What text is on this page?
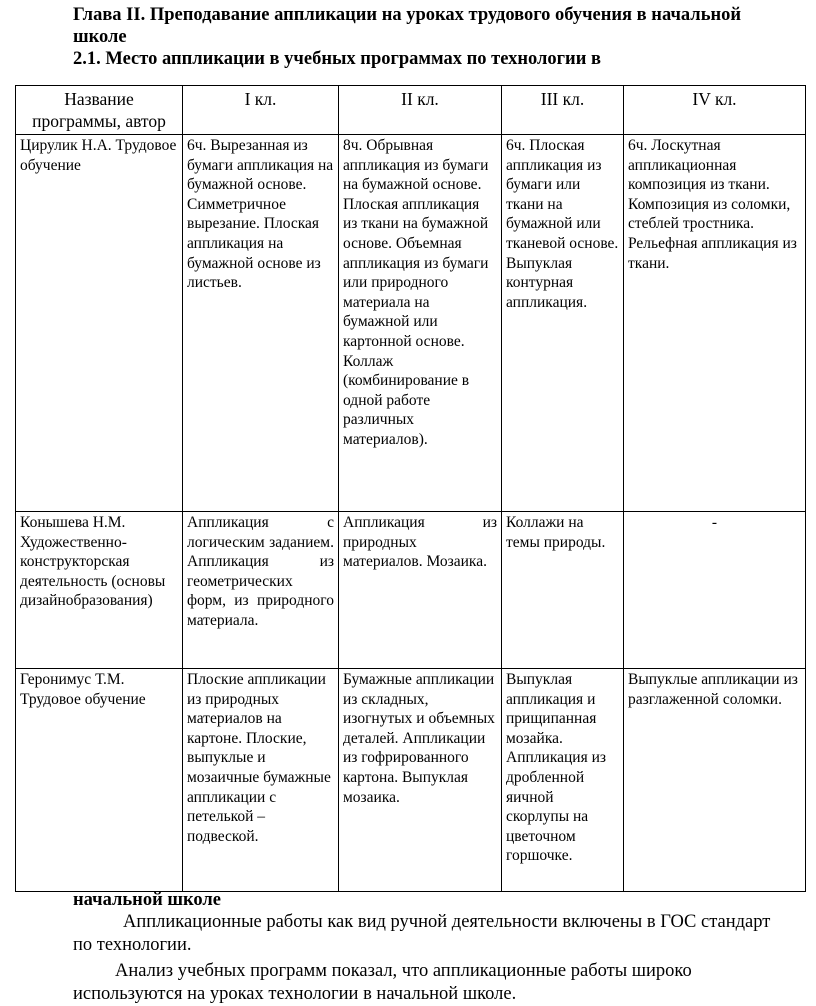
Глава II. Преподавание аппликации на уроках трудового обучения в начальной школе
2.1. Место аппликации в учебных программах по технологии в
Название программы, автор	I кл.	II кл.	III кл.	IV кл.
Цирулик Н.А. Трудовое обучение	6ч. Вырезанная из бумаги аппликация на бумажной основе. Симметричное вырезание. Плоская аппликация на бумажной основе из листьев.	8ч. Обрывная аппликация из бумаги на бумажной основе. Плоская аппликация из ткани на бумажной основе. Объемная аппликация из бумаги или природного материала на бумажной или картонной основе. Коллаж (комбинирование в одной работе различных материалов).	6ч. Плоская аппликация из бумаги или ткани на бумажной или тканевой основе. Выпуклая контурная аппликация.	6ч. Лоскутная аппликационная композиция из ткани. Композиция из соломки, стеблей тростника. Рельефная аппликация из ткани.
Конышева Н.М. Художественно-конструкторская деятельность (основы дизайнобразования)	Аппликация с логическим заданием. Аппликация из геометрических форм, из природного материала.	Аппликация из природных материалов. Мозаика.	Коллажи на темы природы.	-
Геронимус Т.М. Трудовое обучение	Плоские аппликации из природных материалов на картоне. Плоские, выпуклые и мозаичные бумажные аппликации с петелькой – подвеской.	Бумажные аппликации из складных, изогнутых и объемных деталей. Аппликации из гофрированного картона. Выпуклая мозаика.	Выпуклая аппликация и прищипанная мозайка. Аппликация из дробленной яичной скорлупы на цветочном горшочке.	Выпуклые аппликации из разглаженной соломки.
начальной школе
Аппликационные работы как вид ручной деятельности включены в ГОС стандарт по технологии.
Анализ учебных программ показал, что аппликационные работы широко используются на уроках технологии в начальной школе.
